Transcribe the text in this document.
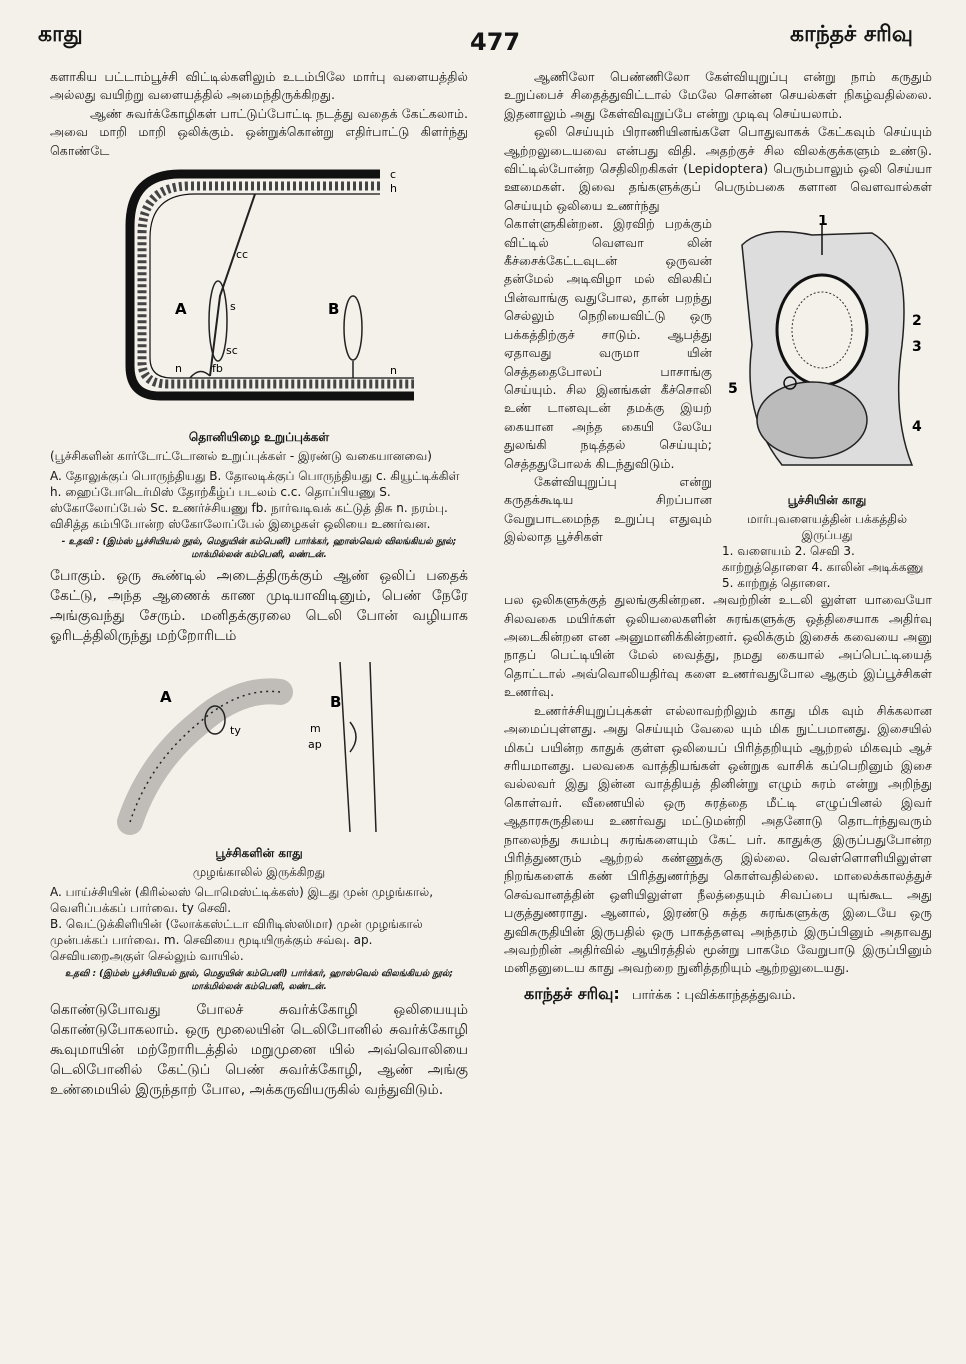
காது	477	காந்தச் சரிவு

களாகிய பட்டாம்பூச்சி விட்டில்களிலும் உடம்பிலே மார்பு வளையத்தில் அல்லது வயிற்று வளையத்தில் அமைந்திருக்கிறது.

ஆண் சுவர்க்கோழிகள் பாட்டுப்போட்டி நடத்து வதைக் கேட்கலாம். அவை மாறி மாறி ஒலிக்கும். ஒன்றுக்கொன்று எதிர்பாட்டு கிளர்ந்து கொண்டே

c
h
cc
A	s
sc
B
n	fb	n
தொனியிழை உறுப்புக்கள்
(பூச்சிகளின் கார்டோட்டோனல் உறுப்புக்கள் - இரண்டு வகையானவை)
A. தோலுக்குப் பொருந்தியது B. தோலடிக்குப் பொருந்தியது c. கியூட்டிக்கிள் h. ஹைப்போடெர்மிஸ் தோற்கீழ்ப் படலம் c.c. தொப்பியணு S. ஸ்கோலோப்பேல் Sc. உணர்ச்சியணு fb. நார்வடிவக் கட்டுத் திசு n. நரம்பு.
விசித்த கம்பிபோன்ற ஸ்கோலோப்பேல் இழைகள் ஒலியை உணர்வன.
- உதவி : (இம்ஸ் பூச்சியியல் நூல், மெதுயின் கம்பெனி) பார்க்கர், ஹாஸ்வெல் விலங்கியல் நூல்; மாக்மில்லன் கம்பெனி, லண்டன்.

போகும். ஒரு கூண்டில் அடைத்திருக்கும் ஆண் ஒலிப் பதைக் கேட்டு, அந்த ஆணைக் காண முடியாவிடினும், பெண் நேரே அங்குவந்து சேரும். மனிதக்குரலை டெலி போன் வழியாக ஓரிடத்திலிருந்து மற்றோரிடம்

A
ty
B
m
ap
பூச்சிகளின் காது
முழங்காலில் இருக்கிறது
A. பாய்ச்சியின் (கிரில்லஸ் டொமெஸ்ட்டிக்கஸ்) இடது முன் முழங்கால், வெளிப்பக்கப் பார்வை. ty செவி.
B. வெட்டுக்கிளியின் (லோக்கஸ்ட்டா விரிடிஸ்ஸிமா) முன் முழங்கால் முன்பக்கப் பார்வை. m. செவியை மூடியிருக்கும் சவ்வு. ap. செவியறைஅகுள் செல்லும் வாயில்.
உதவி : (இம்ஸ் பூச்சியியல் நூல், மெதுயின் கம்பெனி) பார்க்கர், ஹாஸ்வெல் விலங்கியல் நூல்; மாக்மில்லன் கம்பெனி, லண்டன்.

கொண்டுபோவது போலச் சுவர்க்கோழி ஒலியையும் கொண்டுபோகலாம். ஒரு மூலையின் டெலிபோனில் சுவர்க்கோழி கூவுமாயின் மற்றோரிடத்தில் மறுமுனை யில் அவ்வொலியை டெலிபோனில் கேட்டுப் பெண் சுவர்க்கோழி, ஆண் அங்கு உண்மையில் இருந்தாற் போல, அக்கருவியருகில் வந்துவிடும்.

ஆணிலோ பெண்ணிலோ கேள்வியுறுப்பு என்று நாம் கருதும் உறுப்பைச் சிதைத்துவிட்டால் மேலே சொன்ன செயல்கள் நிகழ்வதில்லை. இதனாலும் அது கேள்விவுறுப்பே என்று முடிவு செய்யலாம்.

ஒலி செய்யும் பிராணியினங்களே பொதுவாகக் கேட்கவும் செய்யும் ஆற்றலுடையவை என்பது விதி. அதற்குச் சில விலக்குக்களும் உண்டு. விட்டில்போன்ற செதிலிறகிகள் (Lepidoptera) பெரும்பாலும் ஒலி செய்யா ஊமைகள். இவை தங்களுக்குப் பெரும்பகை களான வௌவால்கள் செய்யும் ஒலியை உணர்ந்து

1
2
3
4
5
பூச்சியின் காது
மார்புவளையத்தின் பக்கத்தில் இருப்பது
1. வளையம் 2. செவி 3. காற்றுத்தொளை 4. காலின் அடிக்கணு 5. காற்றுத் தொளை.

கொள்ளுகின்றன. இரவிற் பறக்கும் விட்டில் வௌவா லின் கீச்சைக்கேட்டவுடன் ஒருவன் தன்மேல் அடிவிழா மல் விலகிப் பின்வாங்கு வதுபோல, தான் பறந்து செல்லும் நெறியைவிட்டு ஒரு பக்கத்திற்குச் சாடும். ஆபத்து ஏதாவது வருமா யின் செத்ததைபோலப் பாசாங்கு செய்யும். சில இனங்கள் கீச்சொலி உண் டானவுடன் தமக்கு இயற் கையான அந்த கையி லேயே துலங்கி நடித்தல் செய்யும்; செத்ததுபோலக் கிடந்துவிடும்.

கேள்வியுறுப்பு என்று கருதக்கூடிய சிறப்பான வேறுபாடமைந்த உறுப்பு எதுவும் இல்லாத பூச்சிகள்

பல ஒலிகளுக்குத் துலங்குகின்றன. அவற்றின் உடலி லுள்ள யாவையோ சிலவகை மயிர்கள் ஒலியலைகளின் சுரங்களுக்கு ஒத்திசையாக அதிர்வு அடைகின்றன என அனுமானிக்கின்றனர். ஒலிக்கும் இசைக் கவையை அனு நாதப் பெட்டியின் மேல் வைத்து, நமது கையால் அப்பெட்டியைத் தொட்டால் அவ்வொலியதிர்வு களை உணர்வதுபோல ஆகும் இப்பூச்சிகள் உணர்வு.

உணர்ச்சியுறுப்புக்கள் எல்லாவற்றிலும் காது மிக வும் சிக்கலான அமைப்புள்ளது. அது செய்யும் வேலை யும் மிக நுட்பமானது. இசையில் மிகப் பயின்ற காதுக் குள்ள ஒலியைப் பிரித்தறியும் ஆற்றல் மிகவும் ஆச் சரியமானது. பலவகை வாத்தியங்கள் ஒன்றுக வாசிக் கப்பெறினும் இசை வல்லவர் இது இன்ன வாத்தியத் தினின்று எழும் சுரம் என்று அறிந்து கொள்வர். வீணையில் ஒரு சுரத்தை மீட்டி எழுப்பினல் இவர் ஆதாரசுருதியை உணர்வது மட்டுமன்றி அதனோடு தொடர்ந்துவரும் நாலைந்து சுயம்பு சுரங்களையும் கேட் பர். காதுக்கு இருப்பதுபோன்ற பிரித்துணரும் ஆற்றல் கண்ணுக்கு இல்லை. வெள்ளொளியிலுள்ள நிறங்களைக் கண் பிரித்துணர்ந்து கொள்வதில்லை. மாலைக்காலத்துச் செவ்வானத்தின் ஒளியிலுள்ள நீலத்தையும் சிவப்பை யுங்கூட அது பகுத்துணராது. ஆனால், இரண்டு சுத்த சுரங்களுக்கு இடையே ஒரு துவிசுருதியின் இருபதில் ஒரு பாகத்தளவு அந்தரம் இருப்பினும் அதாவது அவற்றின் அதிர்வில் ஆயிரத்தில் மூன்று பாகமே வேறுபாடு இருப்பினும் மனிதனுடைய காது அவற்றை நுனித்தறியும் ஆற்றலுடையது.

காந்தச் சரிவு: பார்க்க : புவிக்காந்தத்துவம்.
